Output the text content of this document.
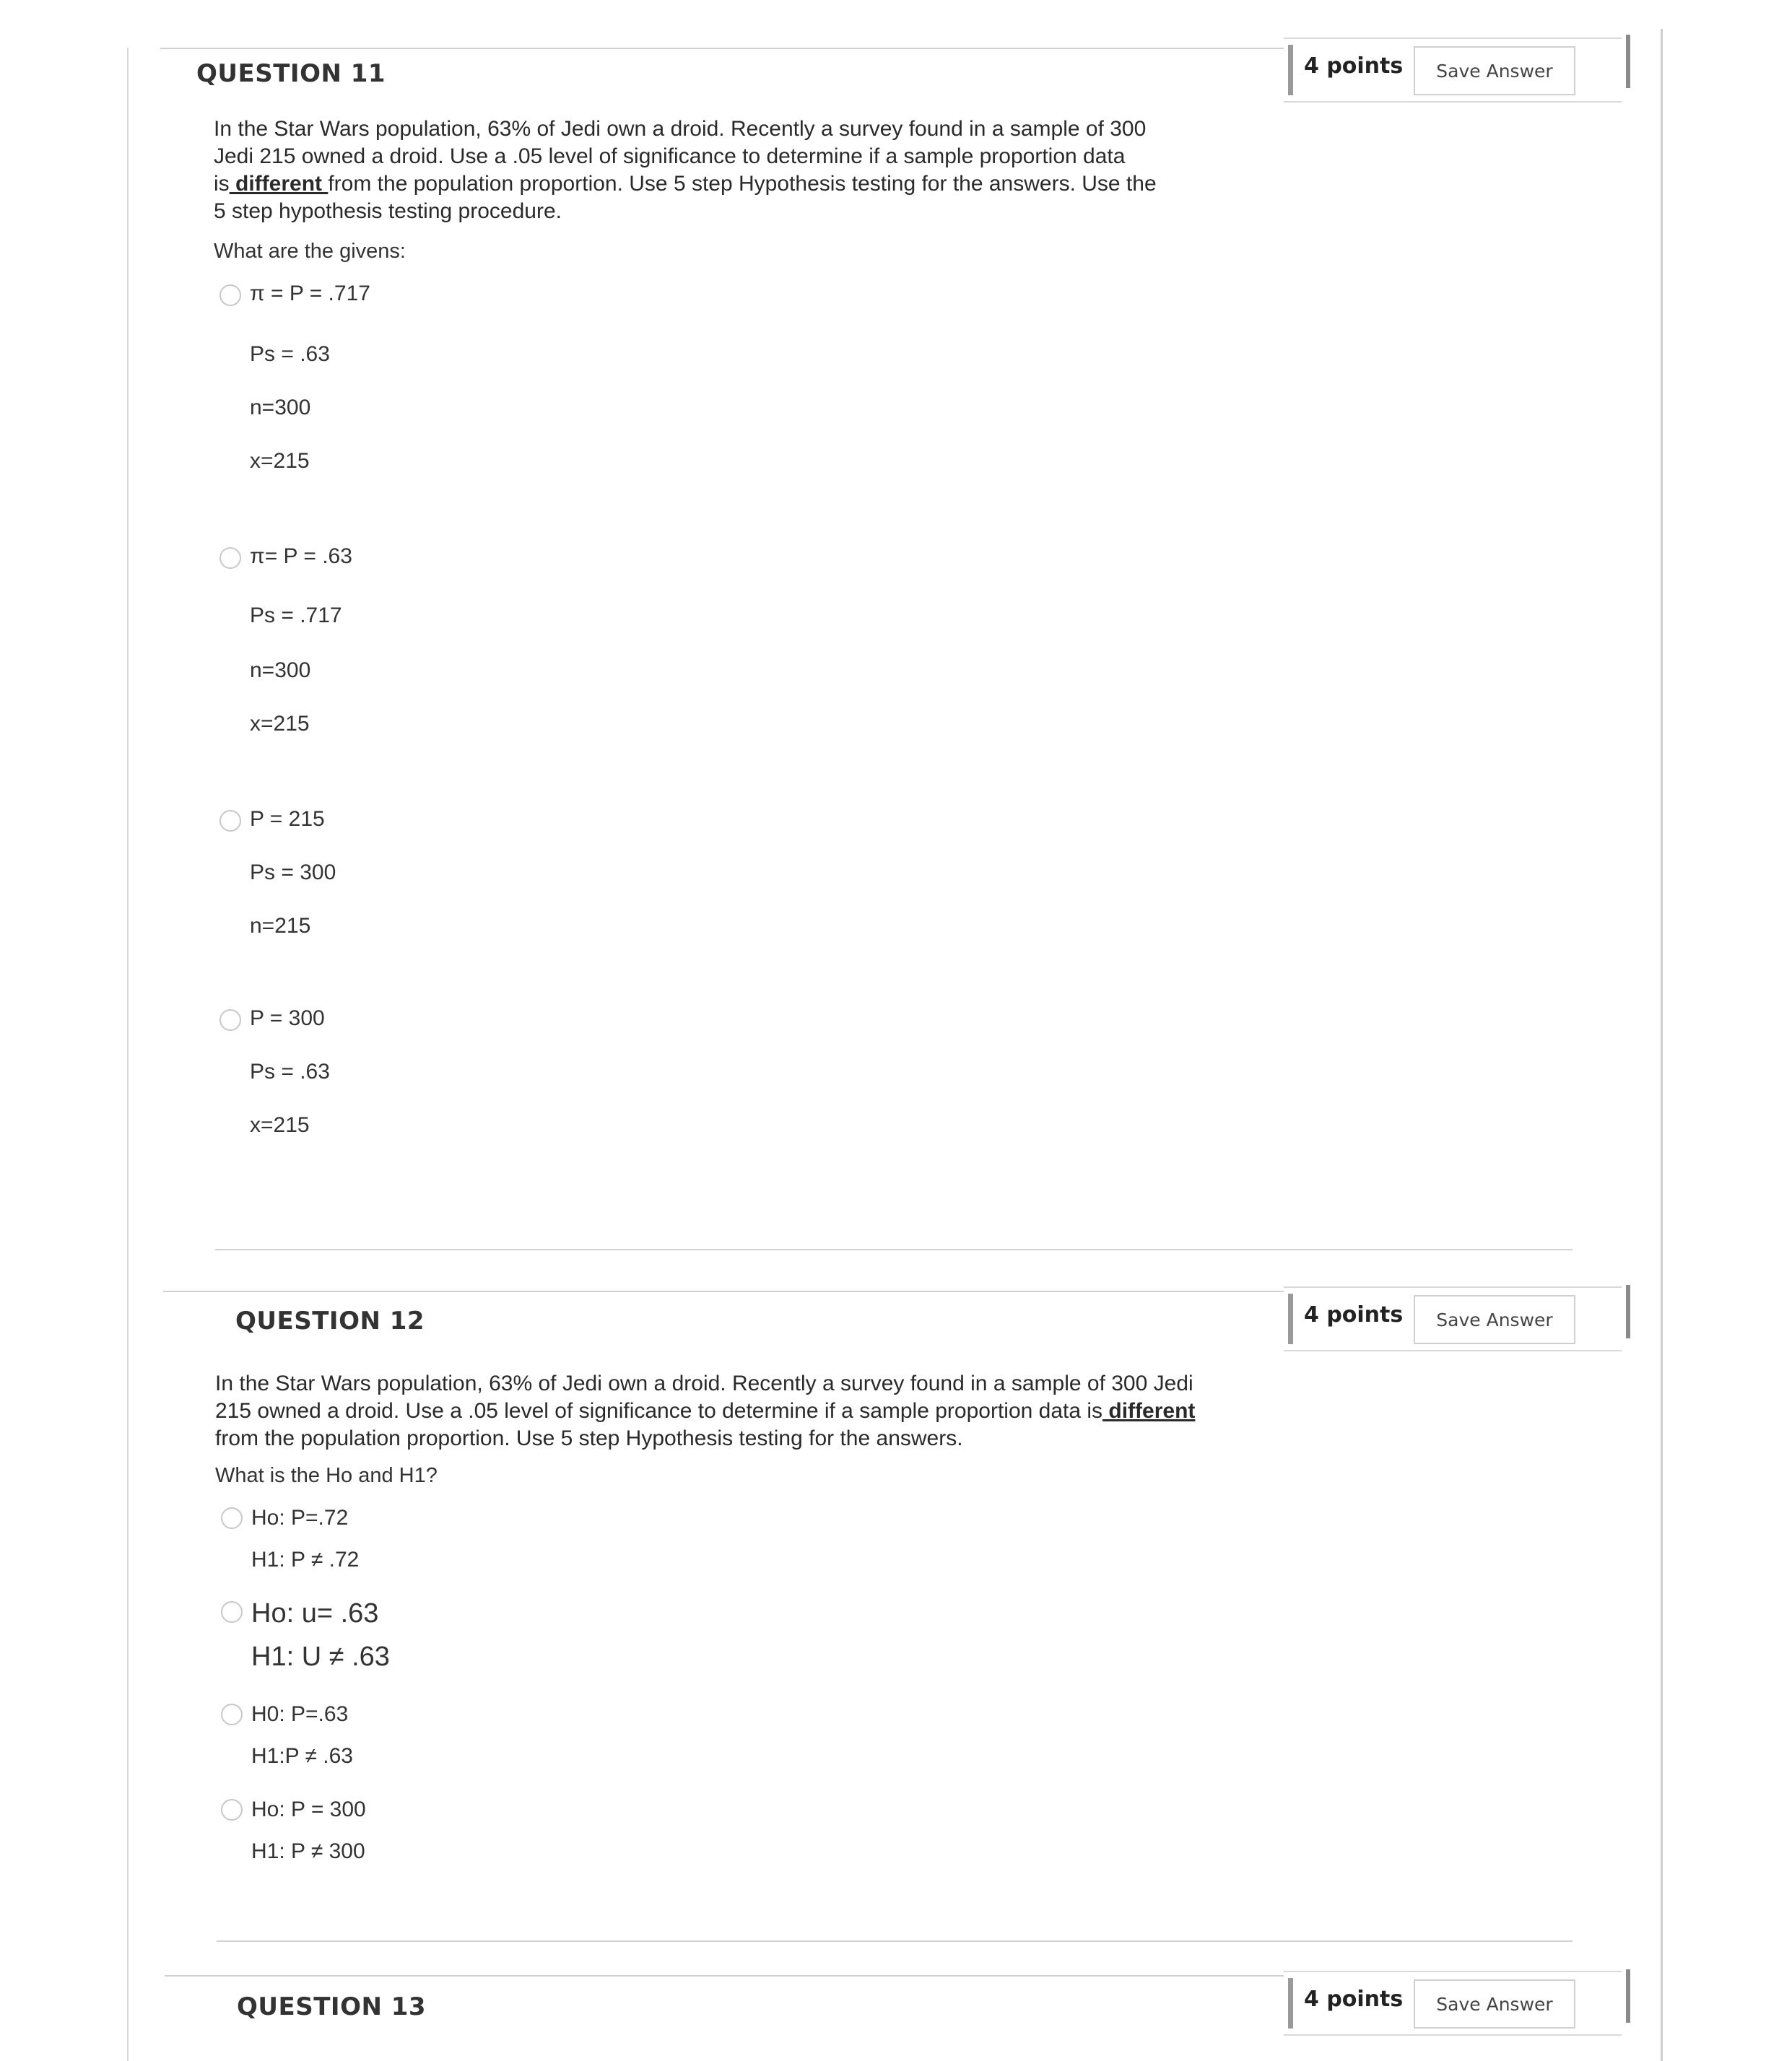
QUESTION 11	4 points	Save Answer

In the Star Wars population, 63% of Jedi own a droid. Recently a survey found in a sample of 300

Jedi 215 owned a droid. Use a .05 level of significance to determine if a sample proportion data

is different from the population proportion. Use 5 step Hypothesis testing for the answers. Use the

5 step hypothesis testing procedure.

What are the givens:
π = P = .717
Ps = .63
n=300
x=215
π= P = .63
Ps = .717
n=300
x=215
P = 215
Ps = 300
n=215
P = 300
Ps = .63
x=215
QUESTION 12	4 points	Save Answer

In the Star Wars population, 63% of Jedi own a droid. Recently a survey found in a sample of 300 Jedi

215 owned a droid. Use a .05 level of significance to determine if a sample proportion data is different

from the population proportion. Use 5 step Hypothesis testing for the answers.

What is the Ho and H1?
Ho: P=.72
H1: P ≠ .72
Ho: u= .63
H1: U ≠ .63
H0: P=.63
H1:P ≠ .63
Ho: P = 300
H1: P ≠ 300
QUESTION 13	4 points	Save Answer
